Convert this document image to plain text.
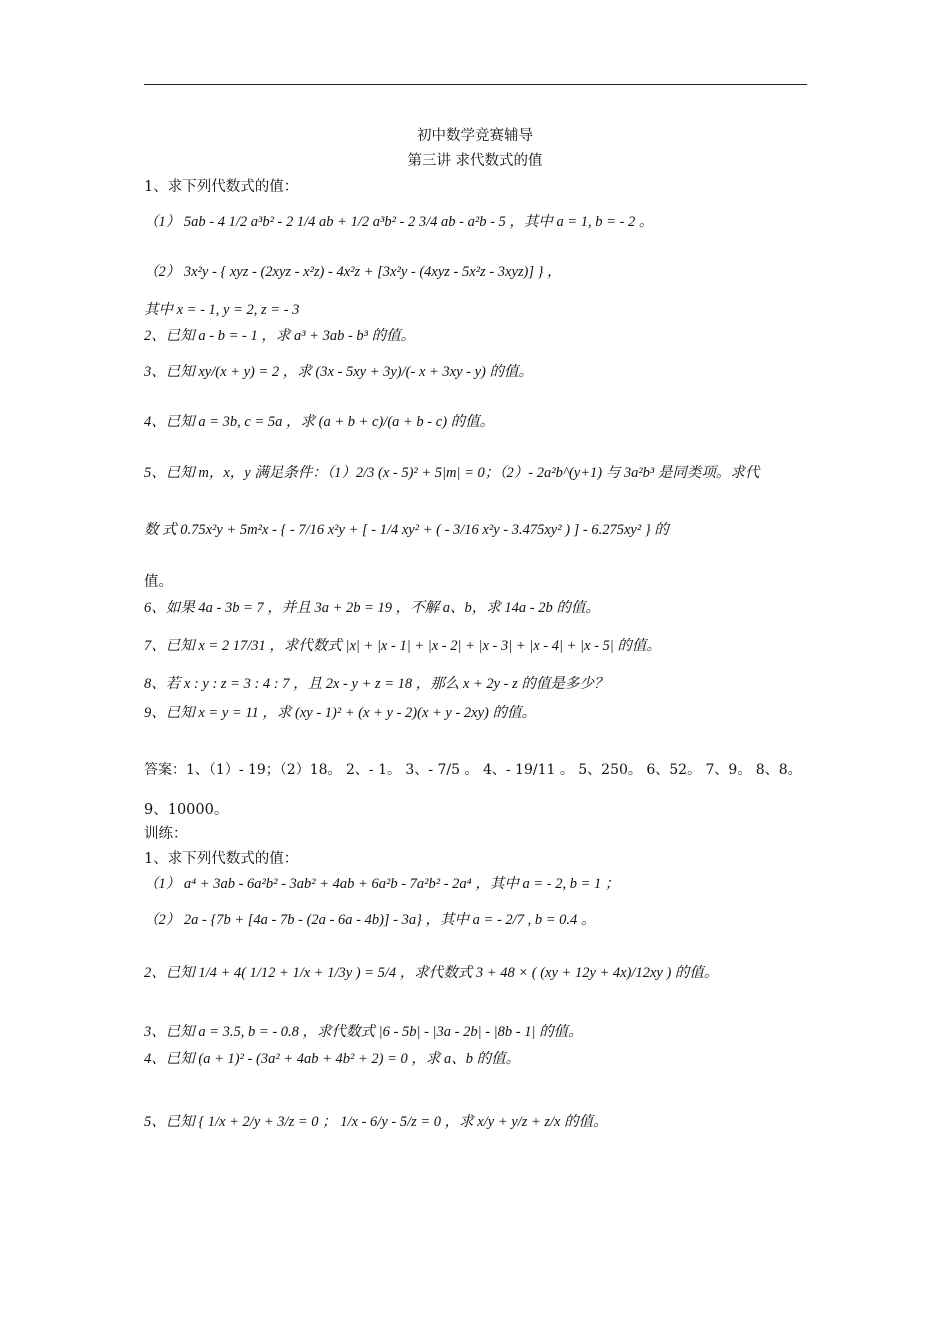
初中数学竞赛辅导
第三讲 求代数式的值
1、求下列代数式的值：
（1） 5ab - 4 1/2 a³b² - 2 1/4 ab + 1/2 a³b² - 2 3/4 ab - a²b - 5 ，其中 a = 1, b = - 2 。
（2） 3x²y - { xyz - (2xyz - x²z) - 4x²z + [3x²y - (4xyz - 5x²z - 3xyz)] } ，
其中 x = - 1, y = 2, z = - 3
2、已知 a - b = - 1 ，求 a³ + 3ab - b³ 的值。
3、已知 xy/(x + y) = 2 ，求 (3x - 5xy + 3y)/(- x + 3xy - y) 的值。
4、已知 a = 3b, c = 5a ，求 (a + b + c)/(a + b - c) 的值。
5、已知 m，x，y 满足条件：（1）2/3 (x - 5)² + 5|m| = 0；（2）- 2a²b^(y+1) 与 3a²b³ 是同类项。求代
数 式 0.75x²y + 5m²x - { - 7/16 x²y + [ - 1/4 xy² + ( - 3/16 x²y - 3.475xy² ) ] - 6.275xy² } 的
值。
6、如果 4a - 3b = 7 ，并且 3a + 2b = 19 ，不解 a、b，求 14a - 2b 的值。
7、已知 x = 2 17/31 ，求代数式 |x| + |x - 1| + |x - 2| + |x - 3| + |x - 4| + |x - 5| 的值。
8、若 x : y : z = 3 : 4 : 7 ，且 2x - y + z = 18 ，那么 x + 2y - z 的值是多少？
9、已知 x = y = 11 ，求 (xy - 1)² + (x + y - 2)(x + y - 2xy) 的值。
答案：1、（1）- 19；（2）18。 2、- 1。 3、- 7/5 。 4、- 19/11 。 5、250。 6、52。 7、9。 8、8。
9、10000。
训练：
1、求下列代数式的值：
（1） a⁴ + 3ab - 6a²b² - 3ab² + 4ab + 6a²b - 7a²b² - 2a⁴ ，其中 a = - 2, b = 1 ；
（2） 2a - {7b + [4a - 7b - (2a - 6a - 4b)] - 3a} ，其中 a = - 2/7 , b = 0.4 。
2、已知 1/4 + 4( 1/12 + 1/x + 1/3y ) = 5/4 ，求代数式 3 + 48 × ( (xy + 12y + 4x)/12xy ) 的值。
3、已知 a = 3.5, b = - 0.8 ，求代数式 |6 - 5b| - |3a - 2b| - |8b - 1| 的值。
4、已知 (a + 1)² - (3a² + 4ab + 4b² + 2) = 0 ，求 a、b 的值。
5、已知 { 1/x + 2/y + 3/z = 0 ； 1/x - 6/y - 5/z = 0 ，求 x/y + y/z + z/x 的值。
